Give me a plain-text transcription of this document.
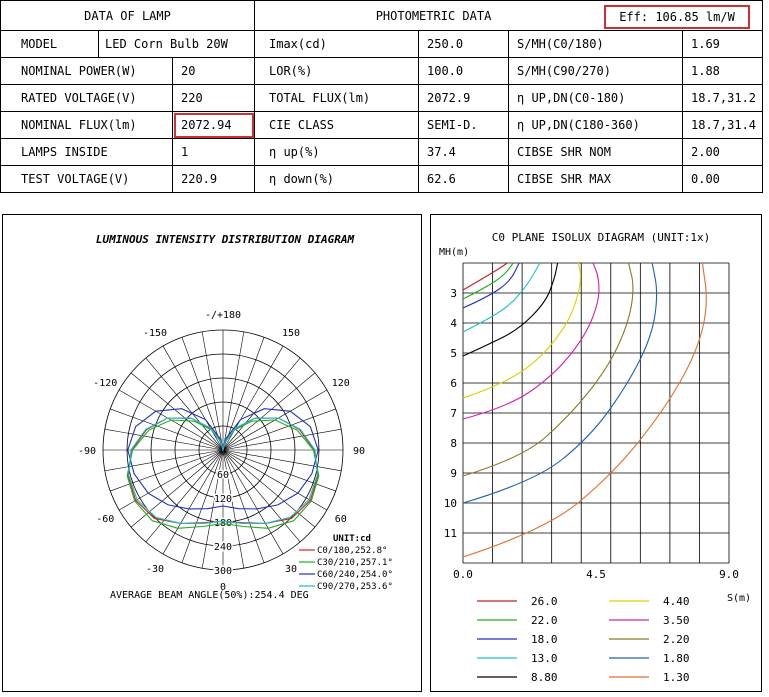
DATA OF LAMP			PHOTOMETRIC DATA			
MODEL	LED Corn Bulb 20W		Imax(cd)	250.0	S/MH(C0/180)	1.69
NOMINAL POWER(W)		20	LOR(%)	100.0	S/MH(C90/270)	1.88
RATED VOLTAGE(V)		220	TOTAL FLUX(lm)	2072.9	η UP,DN(C0-180)	18.7,31.2
NOMINAL FLUX(lm)		2072.94	CIE CLASS	SEMI-D.	η UP,DN(C180-360)	18.7,31.4
LAMPS INSIDE		1	η up(%)	37.4	CIBSE SHR NOM	2.00
TEST VOLTAGE(V)		220.9	η down(%)	62.6	CIBSE SHR MAX	0.00
Eff: 106.85 lm/W
LUMINOUS INTENSITY DISTRIBUTION DIAGRAM
60
120
180
240
300
-/+180
150
-150
120
-120
90
-90
60
-60
30
-30
0
UNIT:cd
C0/180,252.8°
C30/210,257.1°
C60/240,254.0°
C90/270,253.6°
AVERAGE BEAM ANGLE(50%):254.4 DEG
C0 PLANE ISOLUX DIAGRAM (UNIT:1x)
MH(m)
S(m)
3
4
5
6
7
8
9
10
11
0.0	4.5	9.0
26.0
22.0
18.0
13.0
8.80
4.40
3.50
2.20
1.80
1.30
